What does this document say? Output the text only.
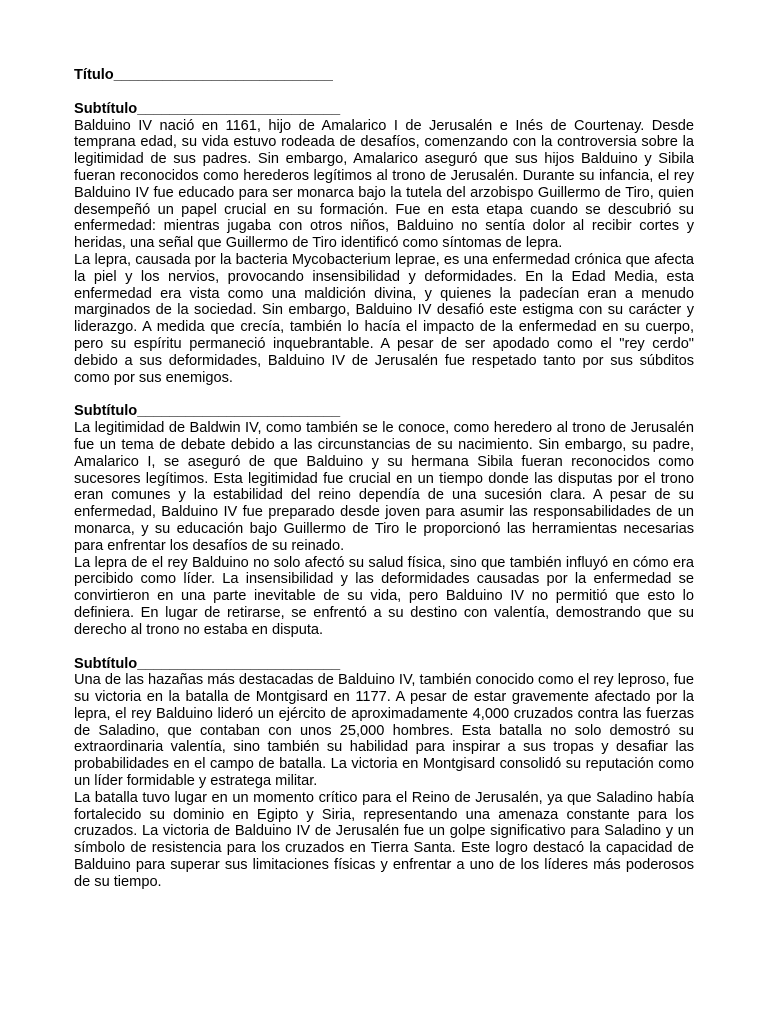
Título___________________________
Subtítulo_________________________

Balduino IV nació en 1161, hijo de Amalarico I de Jerusalén e Inés de Courtenay. Desde temprana edad, su vida estuvo rodeada de desafíos, comenzando con la controversia sobre la legitimidad de sus padres. Sin embargo, Amalarico aseguró que sus hijos Balduino y Sibila fueran reconocidos como herederos legítimos al trono de Jerusalén. Durante su infancia, el rey Balduino IV fue educado para ser monarca bajo la tutela del arzobispo Guillermo de Tiro, quien desempeñó un papel crucial en su formación. Fue en esta etapa cuando se descubrió su enfermedad: mientras jugaba con otros niños, Balduino no sentía dolor al recibir cortes y heridas, una señal que Guillermo de Tiro identificó como síntomas de lepra.

La lepra, causada por la bacteria Mycobacterium leprae, es una enfermedad crónica que afecta la piel y los nervios, provocando insensibilidad y deformidades. En la Edad Media, esta enfermedad era vista como una maldición divina, y quienes la padecían eran a menudo marginados de la sociedad. Sin embargo, Balduino IV desafió este estigma con su carácter y liderazgo. A medida que crecía, también lo hacía el impacto de la enfermedad en su cuerpo, pero su espíritu permaneció inquebrantable. A pesar de ser apodado como el "rey cerdo" debido a sus deformidades, Balduino IV de Jerusalén fue respetado tanto por sus súbditos como por sus enemigos.

Subtítulo_________________________

La legitimidad de Baldwin IV, como también se le conoce, como heredero al trono de Jerusalén fue un tema de debate debido a las circunstancias de su nacimiento. Sin embargo, su padre, Amalarico I, se aseguró de que Balduino y su hermana Sibila fueran reconocidos como sucesores legítimos. Esta legitimidad fue crucial en un tiempo donde las disputas por el trono eran comunes y la estabilidad del reino dependía de una sucesión clara. A pesar de su enfermedad, Balduino IV fue preparado desde joven para asumir las responsabilidades de un monarca, y su educación bajo Guillermo de Tiro le proporcionó las herramientas necesarias para enfrentar los desafíos de su reinado.

La lepra de el rey Balduino no solo afectó su salud física, sino que también influyó en cómo era percibido como líder. La insensibilidad y las deformidades causadas por la enfermedad se convirtieron en una parte inevitable de su vida, pero Balduino IV no permitió que esto lo definiera. En lugar de retirarse, se enfrentó a su destino con valentía, demostrando que su derecho al trono no estaba en disputa.

Subtítulo_________________________

Una de las hazañas más destacadas de Balduino IV, también conocido como el rey leproso, fue su victoria en la batalla de Montgisard en 1177. A pesar de estar gravemente afectado por la lepra, el rey Balduino lideró un ejército de aproximadamente 4,000 cruzados contra las fuerzas de Saladino, que contaban con unos 25,000 hombres. Esta batalla no solo demostró su extraordinaria valentía, sino también su habilidad para inspirar a sus tropas y desafiar las probabilidades en el campo de batalla. La victoria en Montgisard consolidó su reputación como un líder formidable y estratega militar.

La batalla tuvo lugar en un momento crítico para el Reino de Jerusalén, ya que Saladino había fortalecido su dominio en Egipto y Siria, representando una amenaza constante para los cruzados. La victoria de Balduino IV de Jerusalén fue un golpe significativo para Saladino y un símbolo de resistencia para los cruzados en Tierra Santa. Este logro destacó la capacidad de Balduino para superar sus limitaciones físicas y enfrentar a uno de los líderes más poderosos de su tiempo.
